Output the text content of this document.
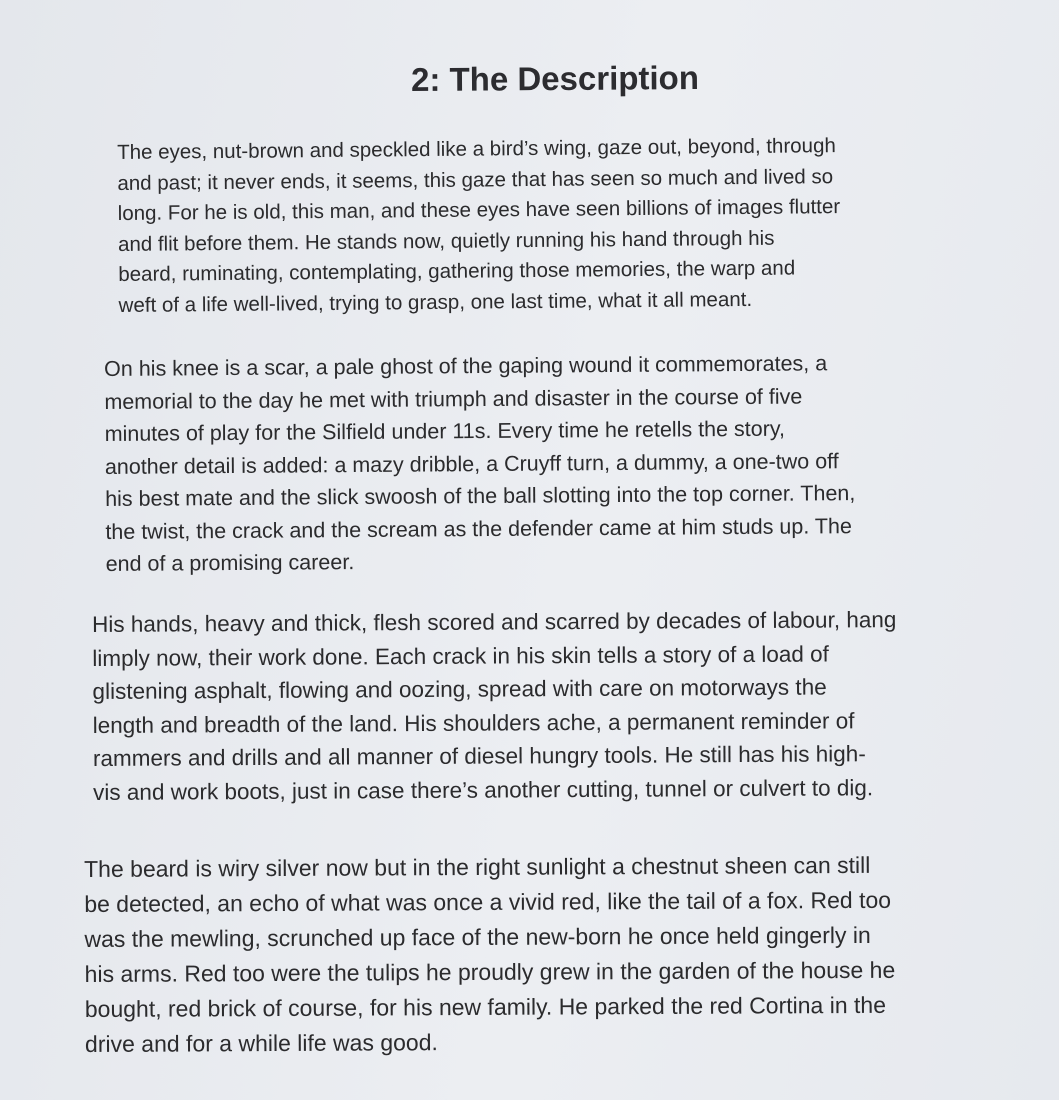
2: The Description
The eyes, nut-brown and speckled like a bird’s wing, gaze out, beyond, through
and past; it never ends, it seems, this gaze that has seen so much and lived so
long. For he is old, this man, and these eyes have seen billions of images flutter
and flit before them. He stands now, quietly running his hand through his
beard, ruminating, contemplating, gathering those memories, the warp and
weft of a life well-lived, trying to grasp, one last time, what it all meant.
On his knee is a scar, a pale ghost of the gaping wound it commemorates, a
memorial to the day he met with triumph and disaster in the course of five
minutes of play for the Silfield under 11s. Every time he retells the story,
another detail is added: a mazy dribble, a Cruyff turn, a dummy, a one-two off
his best mate and the slick swoosh of the ball slotting into the top corner. Then,
the twist, the crack and the scream as the defender came at him studs up. The
end of a promising career.
His hands, heavy and thick, flesh scored and scarred by decades of labour, hang
limply now, their work done. Each crack in his skin tells a story of a load of
glistening asphalt, flowing and oozing, spread with care on motorways the
length and breadth of the land. His shoulders ache, a permanent reminder of
rammers and drills and all manner of diesel hungry tools. He still has his high-
vis and work boots, just in case there’s another cutting, tunnel or culvert to dig.
The beard is wiry silver now but in the right sunlight a chestnut sheen can still
be detected, an echo of what was once a vivid red, like the tail of a fox. Red too
was the mewling, scrunched up face of the new-born he once held gingerly in
his arms. Red too were the tulips he proudly grew in the garden of the house he
bought, red brick of course, for his new family. He parked the red Cortina in the
drive and for a while life was good.
